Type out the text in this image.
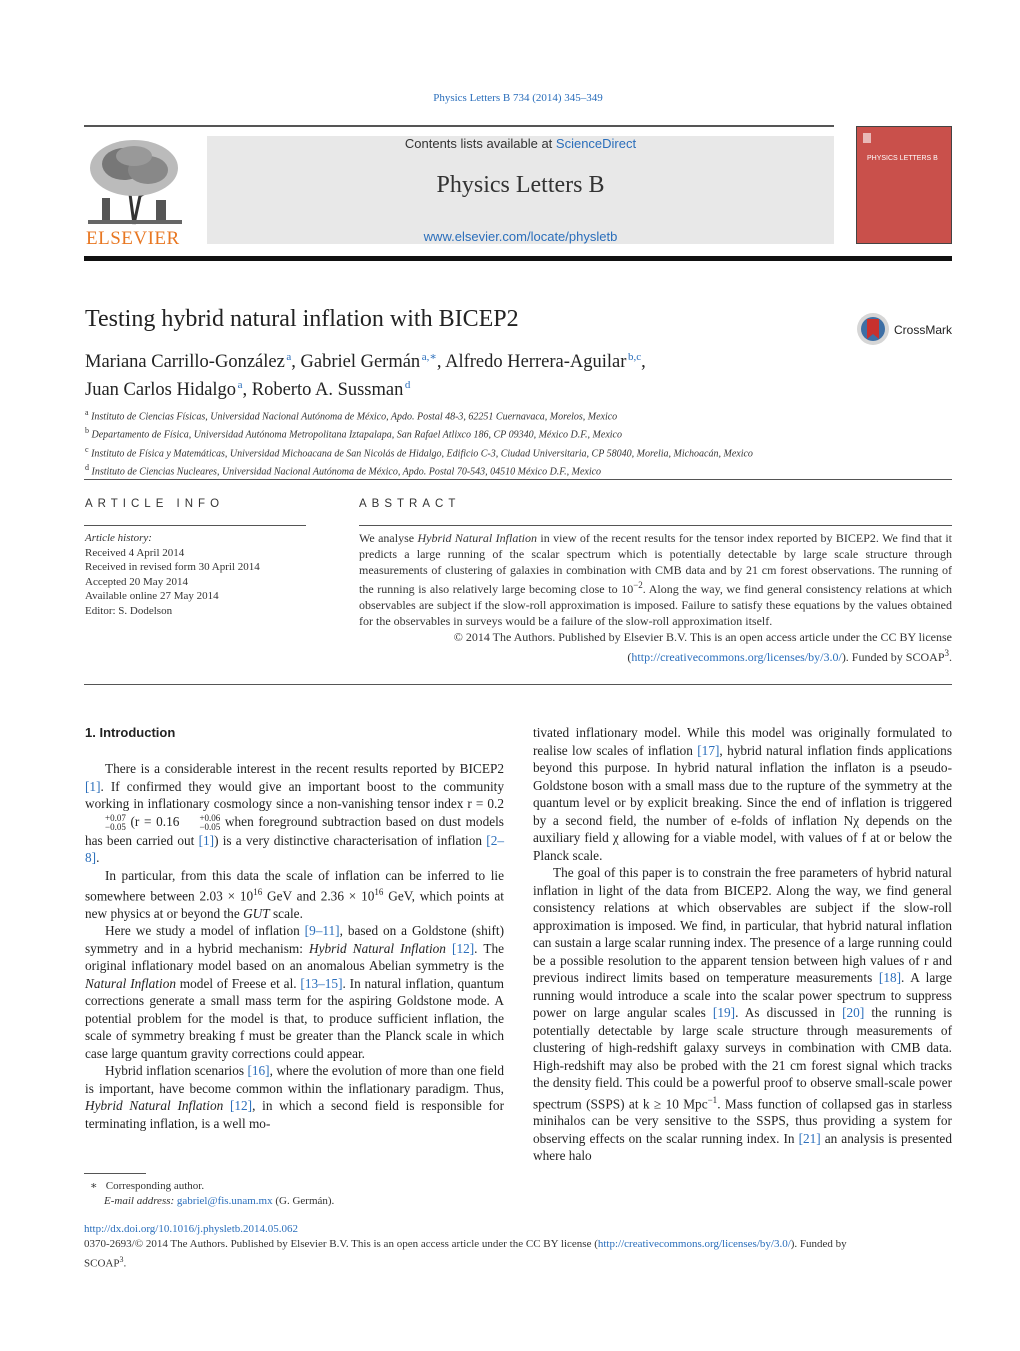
Physics Letters B 734 (2014) 345–349
ELSEVIER
Contents lists available at ScienceDirect
Physics Letters B
www.elsevier.com/locate/physletb
PHYSICS LETTERS B
Testing hybrid natural inflation with BICEP2	CrossMark
Mariana Carrillo-González  $^a$, Gabriel Germán  $^{a,∗}$, Alfredo Herrera-Aguilar  $^{b,c}$,
Juan Carlos Hidalgo  $^a$, Roberto A. Sussman  $^d$
$^a$ Instituto de Ciencias Físicas, Universidad Nacional Autónoma de México, Apdo. Postal 48-3, 62251 Cuernavaca, Morelos, Mexico
$^b$ Departamento de Física, Universidad Autónoma Metropolitana Iztapalapa, San Rafael Atlixco 186, CP 09340, México D.F., Mexico
$^c$ Instituto de Física y Matemáticas, Universidad Michoacana de San Nicolás de Hidalgo, Edificio C-3, Ciudad Universitaria, CP 58040, Morelia, Michoacán, Mexico
$^d$ Instituto de Ciencias Nucleares, Universidad Nacional Autónoma de México, Apdo. Postal 70-543, 04510 México D.F., Mexico
ARTICLE INFO	ABSTRACT
Article history:
Received 4 April 2014
Received in revised form 30 April 2014
Accepted 20 May 2014
Available online 27 May 2014
Editor: S. Dodelson
We analyse Hybrid Natural Inflation in view of the recent results for the tensor index reported by BICEP2. We find that it predicts a large running of the scalar spectrum which is potentially detectable by large scale structure through measurements of clustering of galaxies in combination with CMB data and by 21 cm forest observations. The running of the running is also relatively large becoming close to $10^{-2}$. Along the way, we find general consistency relations at which observables are subject if the slow-roll approximation is imposed. Failure to satisfy these equations by the values obtained for the observables in surveys would be a failure of the slow-roll approximation itself.
© 2014 The Authors. Published by Elsevier B.V. This is an open access article under the CC BY license
(http://creativecommons.org/licenses/by/3.0/). Funded by SCOAP$^3$.
1. Introduction

There is a considerable interest in the recent results reported by BICEP2 [1]. If confirmed they would give an important boost to the community working in inflationary cosmology since a non-vanishing tensor index r = 0.2
+0.07
−0.05 (r = 0.16	+0.06
−0.05 when foreground subtraction based on dust models has been carried out [1]) is a very distinctive characterisation of inflation [2–8].

In particular, from this data the scale of inflation can be inferred to lie somewhere between $2.03 \times 10^{16}$ GeV and $2.36 \times 10^{16}$ GeV, which points at new physics at or beyond the GUT scale.

Here we study a model of inflation [9–11], based on a Goldstone (shift) symmetry and in a hybrid mechanism: Hybrid Natural Inflation [12]. The original inflationary model based on an anomalous Abelian symmetry is the Natural Inflation model of Freese et al. [13–15]. In natural inflation, quantum corrections generate a small mass term for the aspiring Goldstone mode. A potential problem for the model is that, to produce sufficient inflation, the scale of symmetry breaking f must be greater than the Planck scale in which case large quantum gravity corrections could appear.

Hybrid inflation scenarios [16], where the evolution of more than one field is important, have become common within the inflationary paradigm. Thus, Hybrid Natural Inflation [12], in which a second field is responsible for terminating inflation, is a well mo-

tivated inflationary model. While this model was originally formulated to realise low scales of inflation [17], hybrid natural inflation finds applications beyond this purpose. In hybrid natural inflation the inflaton is a pseudo-Goldstone boson with a small mass due to the rupture of the symmetry at the quantum level or by explicit breaking. Since the end of inflation is triggered by a second field, the number of e-folds of inflation Nχ depends on the auxiliary field χ allowing for a viable model, with values of f at or below the Planck scale.

The goal of this paper is to constrain the free parameters of hybrid natural inflation in light of the data from BICEP2. Along the way, we find general consistency relations at which observables are subject if the slow-roll approximation is imposed. We find, in particular, that hybrid natural inflation can sustain a large scalar running index. The presence of a large running could be a possible resolution to the apparent tension between high values of r and previous indirect limits based on temperature measurements [18]. A large running would introduce a scale into the scalar power spectrum to suppress power on large angular scales [19]. As discussed in [20] the running is potentially detectable by large scale structure through measurements of clustering of high-redshift galaxy surveys in combination with CMB data. High-redshift may also be probed with the 21 cm forest signal which tracks the density field. This could be a powerful proof to observe small-scale power spectrum (SSPS) at k ≥ 10 Mpc$^{-1}$. Mass function of collapsed gas in starless minihalos can be very sensitive to the SSPS, thus providing a system for observing effects on the scalar running index. In [21] an analysis is presented where halo

∗ Corresponding author.
E-mail address: gabriel@fis.unam.mx (G. Germán).
http://dx.doi.org/10.1016/j.physletb.2014.05.062
0370-2693/© 2014 The Authors. Published by Elsevier B.V. This is an open access article under the CC BY license (http://creativecommons.org/licenses/by/3.0/). Funded by
SCOAP$^3$.
